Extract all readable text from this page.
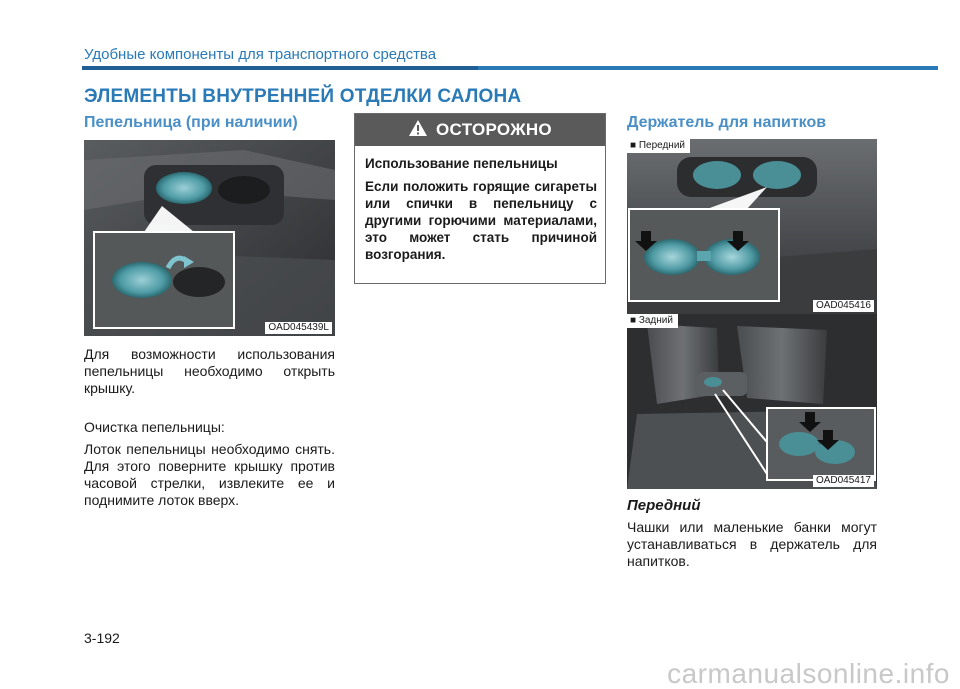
Удобные компоненты для транспортного средства
ЭЛЕМЕНТЫ ВНУТРЕННЕЙ ОТДЕЛКИ САЛОНА
Пепельница (при наличии)
OAD045439L
Для возможности использования пепельницы необходимо открыть крышку.
Очистка пепельницы:
Лоток пепельницы необходимо снять. Для этого поверните крышку против часовой стрелки, извлеките ее и поднимите лоток вверх.
ОСТОРОЖНО
Использование пепельницы
Если положить горящие сигареты или спички в пепельницу с другими горючими материалами, это может стать причиной возгорания.
Держатель для напитков
■ Передний
OAD045416
■ Задний
OAD045417
Передний
Чашки или маленькие банки могут устанавливаться в держатель для напитков.
3-192
carmanualsonline.info
